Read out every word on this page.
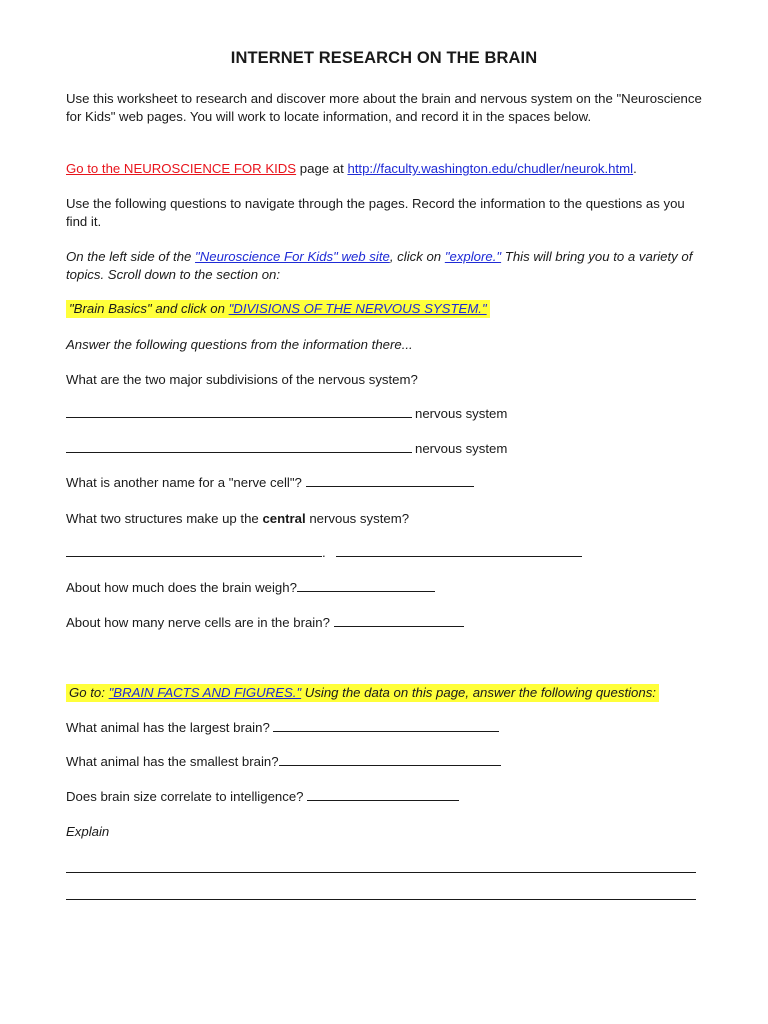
INTERNET RESEARCH ON THE BRAIN
Use this worksheet to research and discover more about the brain and nervous system on the "Neuroscience for Kids" web pages. You will work to locate information, and record it in the spaces below.
Go to the NEUROSCIENCE FOR KIDS page at http://faculty.washington.edu/chudler/neurok.html.
Use the following questions to navigate through the pages. Record the information to the questions as you find it.
On the left side of the "Neuroscience For Kids" web site, click on "explore." This will bring you to a variety of topics. Scroll down to the section on:
"Brain Basics" and click on "DIVISIONS OF THE NERVOUS SYSTEM."
Answer the following questions from the information there...
What are the two major subdivisions of the nervous system?
nervous system
nervous system
What is another name for a "nerve cell"?
What two structures make up the central nervous system?
.
About how much does the brain weigh?
About how many nerve cells are in the brain?
Go to: "BRAIN FACTS AND FIGURES." Using the data on this page, answer the following questions:
What animal has the largest brain?
What animal has the smallest brain?
Does brain size correlate to intelligence?
Explain
